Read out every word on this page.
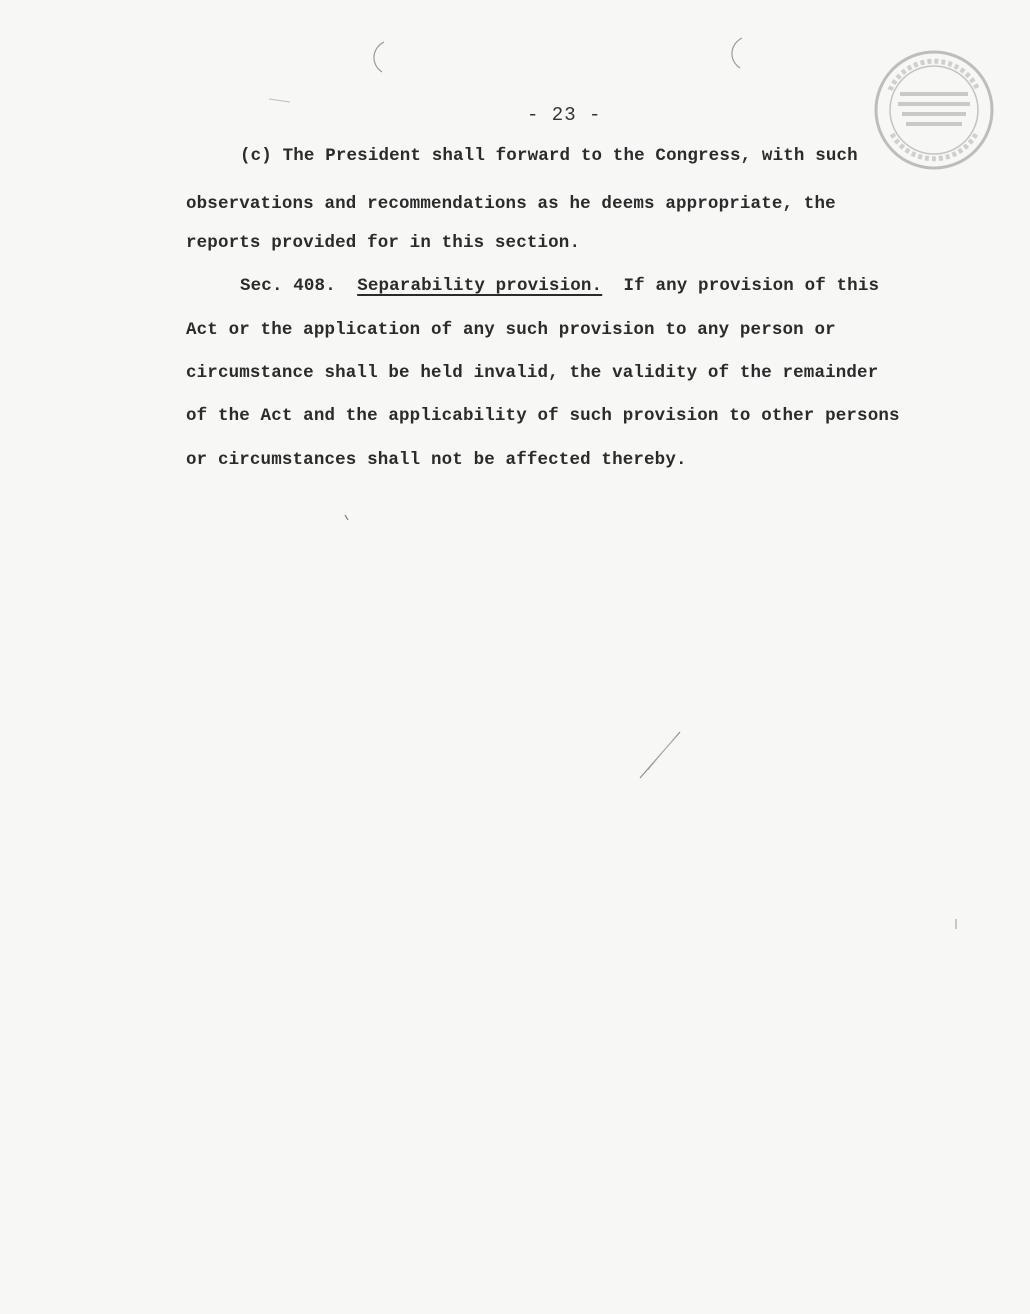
- 23 -
(c) The President shall forward to the Congress, with such
observations and recommendations as he deems appropriate, the
reports provided for in this section.
Sec. 408. Separability provision. If any provision of this
Act or the application of any such provision to any person or
circumstance shall be held invalid, the validity of the remainder
of the Act and the applicability of such provision to other persons
or circumstances shall not be affected thereby.
